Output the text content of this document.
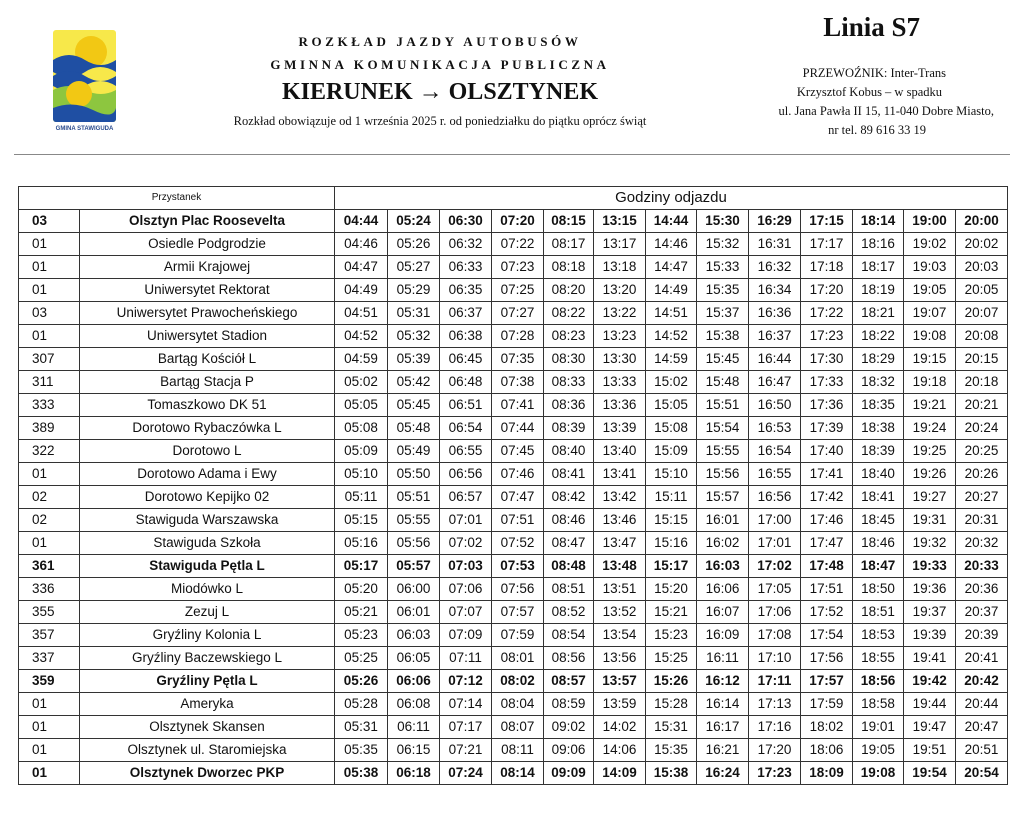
GMINA STAWIGUDA
ROZKŁAD JAZDY AUTOBUSÓW
GMINNA KOMUNIKACJA PUBLICZNA
KIERUNEK → OLSZTYNEK
Rozkład obowiązuje od 1 września 2025 r. od poniedziałku do piątku oprócz świąt
Linia S7
PRZEWOŹNIK: Inter-Trans
Krzysztof Kobus – w spadku
ul. Jana Pawła II 15, 11-040 Dobre Miasto,
nr tel. 89 616 33 19
Przystanek		Godziny odjazdu												
03	Olsztyn Plac Roosevelta	04:44	05:24	06:30	07:20	08:15	13:15	14:44	15:30	16:29	17:15	18:14	19:00	20:00
01	Osiedle Podgrodzie	04:46	05:26	06:32	07:22	08:17	13:17	14:46	15:32	16:31	17:17	18:16	19:02	20:02
01	Armii Krajowej	04:47	05:27	06:33	07:23	08:18	13:18	14:47	15:33	16:32	17:18	18:17	19:03	20:03
01	Uniwersytet Rektorat	04:49	05:29	06:35	07:25	08:20	13:20	14:49	15:35	16:34	17:20	18:19	19:05	20:05
03	Uniwersytet Prawocheńskiego	04:51	05:31	06:37	07:27	08:22	13:22	14:51	15:37	16:36	17:22	18:21	19:07	20:07
01	Uniwersytet Stadion	04:52	05:32	06:38	07:28	08:23	13:23	14:52	15:38	16:37	17:23	18:22	19:08	20:08
307	Bartąg Kościół L	04:59	05:39	06:45	07:35	08:30	13:30	14:59	15:45	16:44	17:30	18:29	19:15	20:15
311	Bartąg Stacja P	05:02	05:42	06:48	07:38	08:33	13:33	15:02	15:48	16:47	17:33	18:32	19:18	20:18
333	Tomaszkowo DK 51	05:05	05:45	06:51	07:41	08:36	13:36	15:05	15:51	16:50	17:36	18:35	19:21	20:21
389	Dorotowo Rybaczówka L	05:08	05:48	06:54	07:44	08:39	13:39	15:08	15:54	16:53	17:39	18:38	19:24	20:24
322	Dorotowo L	05:09	05:49	06:55	07:45	08:40	13:40	15:09	15:55	16:54	17:40	18:39	19:25	20:25
01	Dorotowo Adama i Ewy	05:10	05:50	06:56	07:46	08:41	13:41	15:10	15:56	16:55	17:41	18:40	19:26	20:26
02	Dorotowo Kepijko 02	05:11	05:51	06:57	07:47	08:42	13:42	15:11	15:57	16:56	17:42	18:41	19:27	20:27
02	Stawiguda Warszawska	05:15	05:55	07:01	07:51	08:46	13:46	15:15	16:01	17:00	17:46	18:45	19:31	20:31
01	Stawiguda Szkoła	05:16	05:56	07:02	07:52	08:47	13:47	15:16	16:02	17:01	17:47	18:46	19:32	20:32
361	Stawiguda Pętla L	05:17	05:57	07:03	07:53	08:48	13:48	15:17	16:03	17:02	17:48	18:47	19:33	20:33
336	Miodówko L	05:20	06:00	07:06	07:56	08:51	13:51	15:20	16:06	17:05	17:51	18:50	19:36	20:36
355	Zezuj L	05:21	06:01	07:07	07:57	08:52	13:52	15:21	16:07	17:06	17:52	18:51	19:37	20:37
357	Gryźliny Kolonia L	05:23	06:03	07:09	07:59	08:54	13:54	15:23	16:09	17:08	17:54	18:53	19:39	20:39
337	Gryźliny Baczewskiego L	05:25	06:05	07:11	08:01	08:56	13:56	15:25	16:11	17:10	17:56	18:55	19:41	20:41
359	Gryźliny Pętla L	05:26	06:06	07:12	08:02	08:57	13:57	15:26	16:12	17:11	17:57	18:56	19:42	20:42
01	Ameryka	05:28	06:08	07:14	08:04	08:59	13:59	15:28	16:14	17:13	17:59	18:58	19:44	20:44
01	Olsztynek Skansen	05:31	06:11	07:17	08:07	09:02	14:02	15:31	16:17	17:16	18:02	19:01	19:47	20:47
01	Olsztynek ul. Staromiejska	05:35	06:15	07:21	08:11	09:06	14:06	15:35	16:21	17:20	18:06	19:05	19:51	20:51
01	Olsztynek Dworzec PKP	05:38	06:18	07:24	08:14	09:09	14:09	15:38	16:24	17:23	18:09	19:08	19:54	20:54
